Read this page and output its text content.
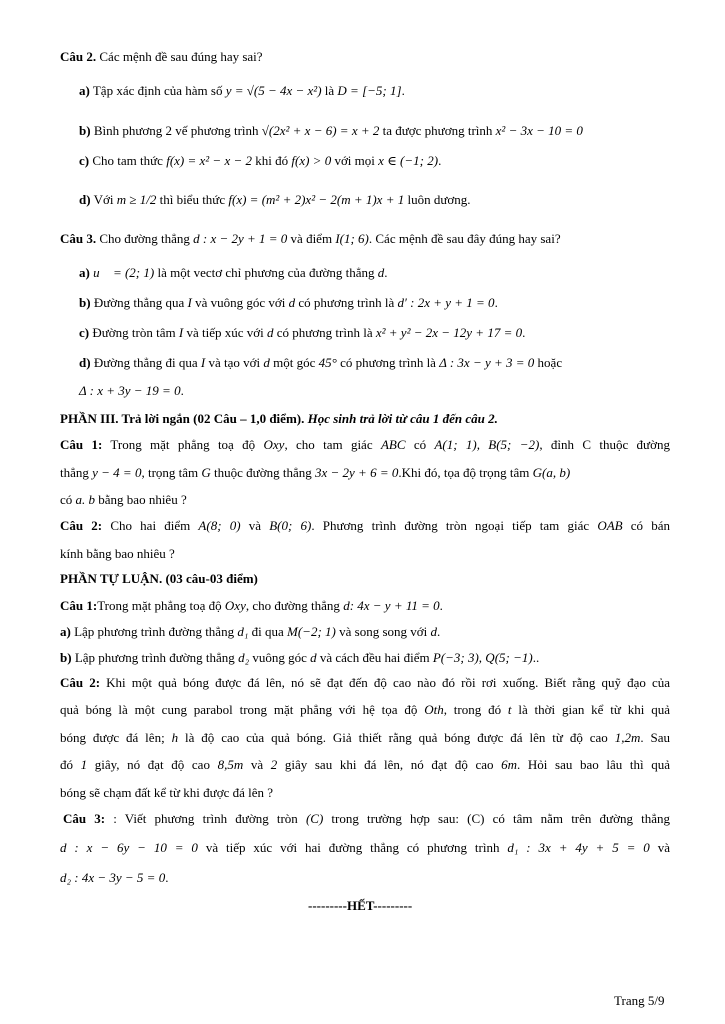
Câu 2. Các mệnh đề sau đúng hay sai?
a) Tập xác định của hàm số y = √(5 − 4x − x²) là D = [−5; 1].
b) Bình phương 2 vế phương trình √(2x² + x − 6) = x + 2 ta được phương trình x² − 3x − 10 = 0
c) Cho tam thức f(x) = x² − x − 2 khi đó f(x) > 0 với mọi x ∈ (−1; 2).
d) Với m ≥ 1/2 thì biểu thức f(x) = (m² + 2)x² − 2(m + 1)x + 1 luôn dương.
Câu 3. Cho đường thẳng d : x − 2y + 1 = 0 và điểm I(1; 6). Các mệnh đề sau đây đúng hay sai?
a) u⃗ = (2; 1) là một vectơ chỉ phương của đường thẳng d.
b) Đường thẳng qua I và vuông góc với d có phương trình là d′ : 2x + y + 1 = 0.
c) Đường tròn tâm I và tiếp xúc với d có phương trình là x² + y² − 2x − 12y + 17 = 0.
d) Đường thẳng đi qua I và tạo với d một góc 45° có phương trình là Δ : 3x − y + 3 = 0 hoặc
Δ : x + 3y − 19 = 0.
PHẦN III. Trả lời ngắn (02 Câu – 1,0 điểm). Học sinh trả lời từ câu 1 đến câu 2.
Câu 1: Trong mặt phẳng toạ độ Oxy, cho tam giác ABC có A(1; 1), B(5; −2), đỉnh C thuộc đường
thẳng y − 4 = 0, trọng tâm G thuộc đường thẳng 3x − 2y + 6 = 0.Khi đó, tọa độ trọng tâm G(a, b)
có a. b bằng bao nhiêu ?
Câu 2: Cho hai điểm A(8; 0) và B(0; 6). Phương trình đường tròn ngoại tiếp tam giác OAB có bán
kính bằng bao nhiêu ?
PHẦN TỰ LUẬN. (03 câu-03 điểm)
Câu 1:Trong mặt phẳng toạ độ Oxy, cho đường thẳng d: 4x − y + 11 = 0.
a) Lập phương trình đường thẳng d₁ đi qua M(−2; 1) và song song với d.
b) Lập phương trình đường thẳng d₂ vuông góc d và cách đều hai điểm P(−3; 3), Q(5; −1)..
Câu 2: Khi một quả bóng được đá lên, nó sẽ đạt đến độ cao nào đó rồi rơi xuống. Biết rằng quỹ đạo của
quả bóng là một cung parabol trong mặt phẳng với hệ tọa độ Oth, trong đó t là thời gian kể từ khi quả
bóng được đá lên; h là độ cao của quả bóng. Giả thiết rằng quả bóng được đá lên từ độ cao 1,2m. Sau
đó 1 giây, nó đạt độ cao 8,5m và 2 giây sau khi đá lên, nó đạt độ cao 6m. Hỏi sau bao lâu thì quả
bóng sẽ chạm đất kể từ khi được đá lên ?
Câu 3: : Viết phương trình đường tròn (C) trong trường hợp sau: (C) có tâm nằm trên đường thẳng
d : x − 6y − 10 = 0 và tiếp xúc với hai đường thẳng có phương trình d₁ : 3x + 4y + 5 = 0 và
d₂ : 4x − 3y − 5 = 0.
---------HẾT---------
Trang 5/9
